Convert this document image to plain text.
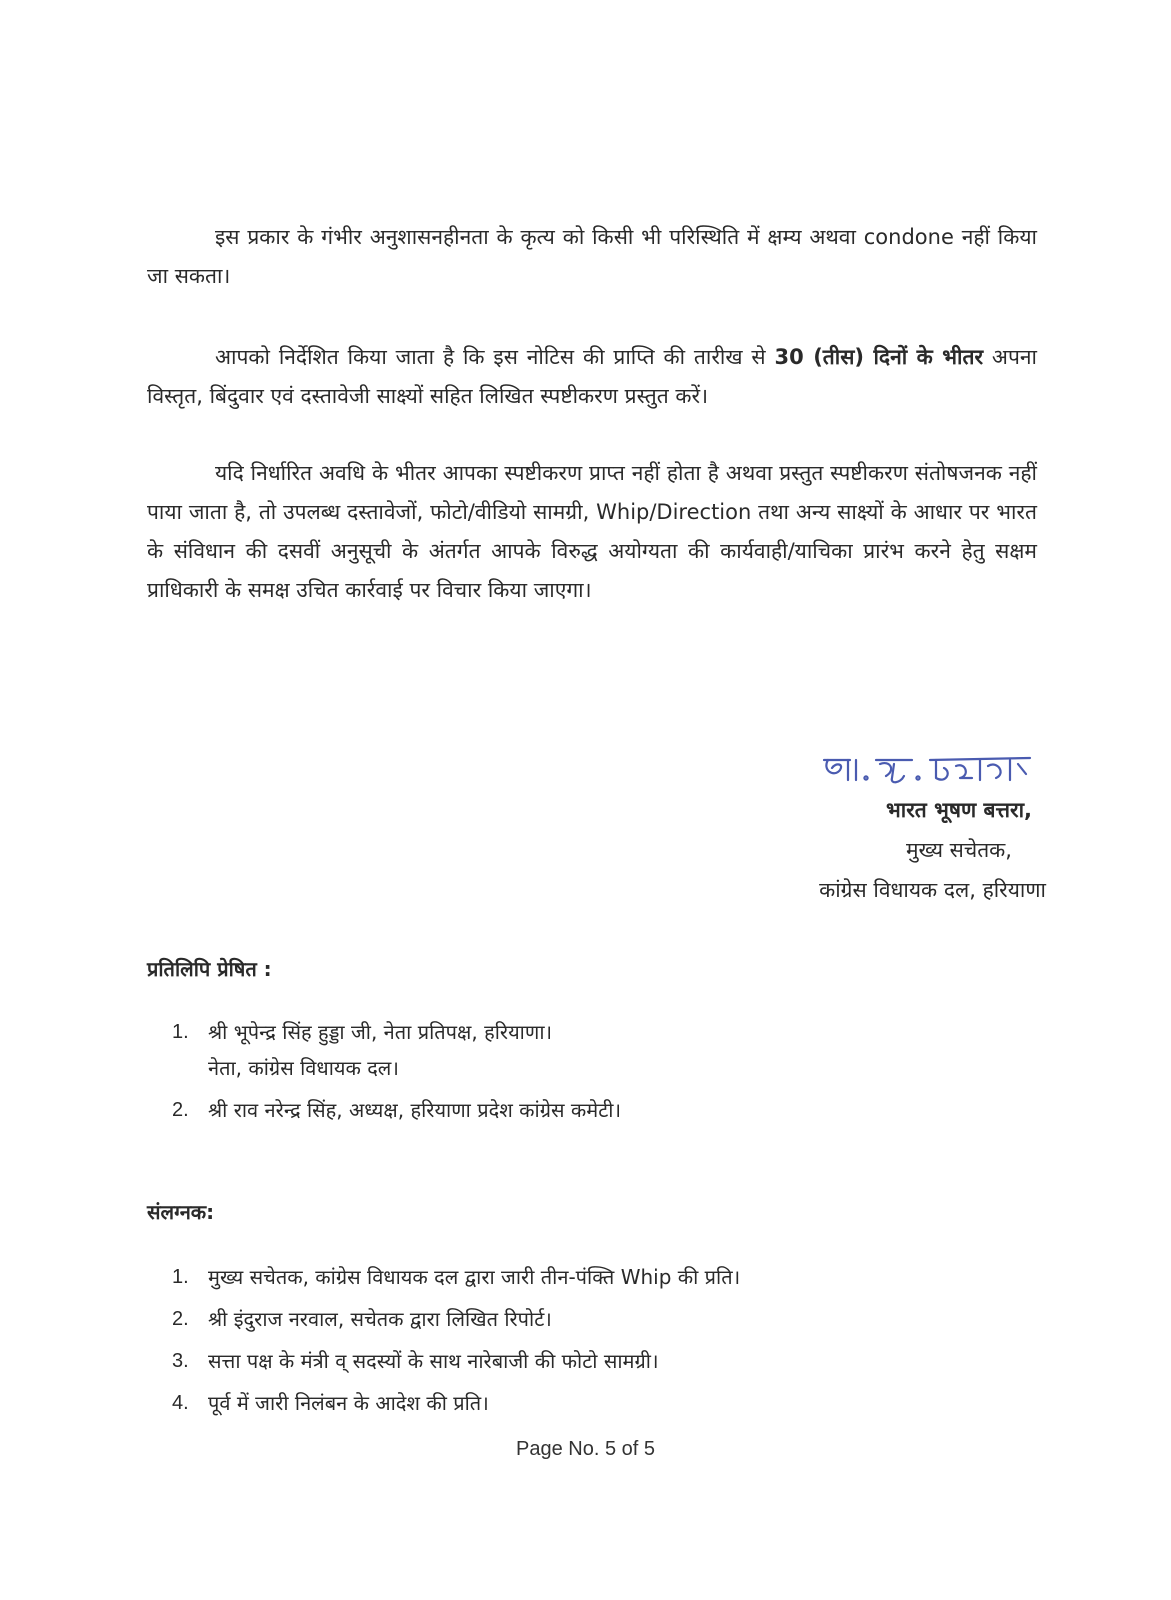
इस प्रकार के गंभीर अनुशासनहीनता के कृत्य को किसी भी परिस्थिति में क्षम्य अथवा condone नहीं किया जा सकता।

आपको निर्देशित किया जाता है कि इस नोटिस की प्राप्ति की तारीख से 30 (तीस) दिनों के भीतर अपना विस्तृत, बिंदुवार एवं दस्तावेजी साक्ष्यों सहित लिखित स्पष्टीकरण प्रस्तुत करें।

यदि निर्धारित अवधि के भीतर आपका स्पष्टीकरण प्राप्त नहीं होता है अथवा प्रस्तुत स्पष्टीकरण संतोषजनक नहीं पाया जाता है, तो उपलब्ध दस्तावेजों, फोटो/वीडियो सामग्री, Whip/Direction तथा अन्य साक्ष्यों के आधार पर भारत के संविधान की दसवीं अनुसूची के अंतर्गत आपके विरुद्ध अयोग्यता की कार्यवाही/याचिका प्रारंभ करने हेतु सक्षम प्राधिकारी के समक्ष उचित कार्रवाई पर विचार किया जाएगा।

भारत भूषण बत्तरा,
मुख्य सचेतक,
कांग्रेस विधायक दल, हरियाणा
प्रतिलिपि प्रेषित :
1. श्री भूपेन्द्र सिंह हुड्डा जी, नेता प्रतिपक्ष, हरियाणा।
नेता, कांग्रेस विधायक दल।
2. श्री राव नरेन्द्र सिंह, अध्यक्ष, हरियाणा प्रदेश कांग्रेस कमेटी।
संलग्नक:
1. मुख्य सचेतक, कांग्रेस विधायक दल द्वारा जारी तीन-पंक्ति Whip की प्रति।
2. श्री इंदुराज नरवाल, सचेतक द्वारा लिखित रिपोर्ट।
3. सत्ता पक्ष के मंत्री व् सदस्यों के साथ नारेबाजी की फोटो सामग्री।
4. पूर्व में जारी निलंबन के आदेश की प्रति।
Page No. 5 of 5
